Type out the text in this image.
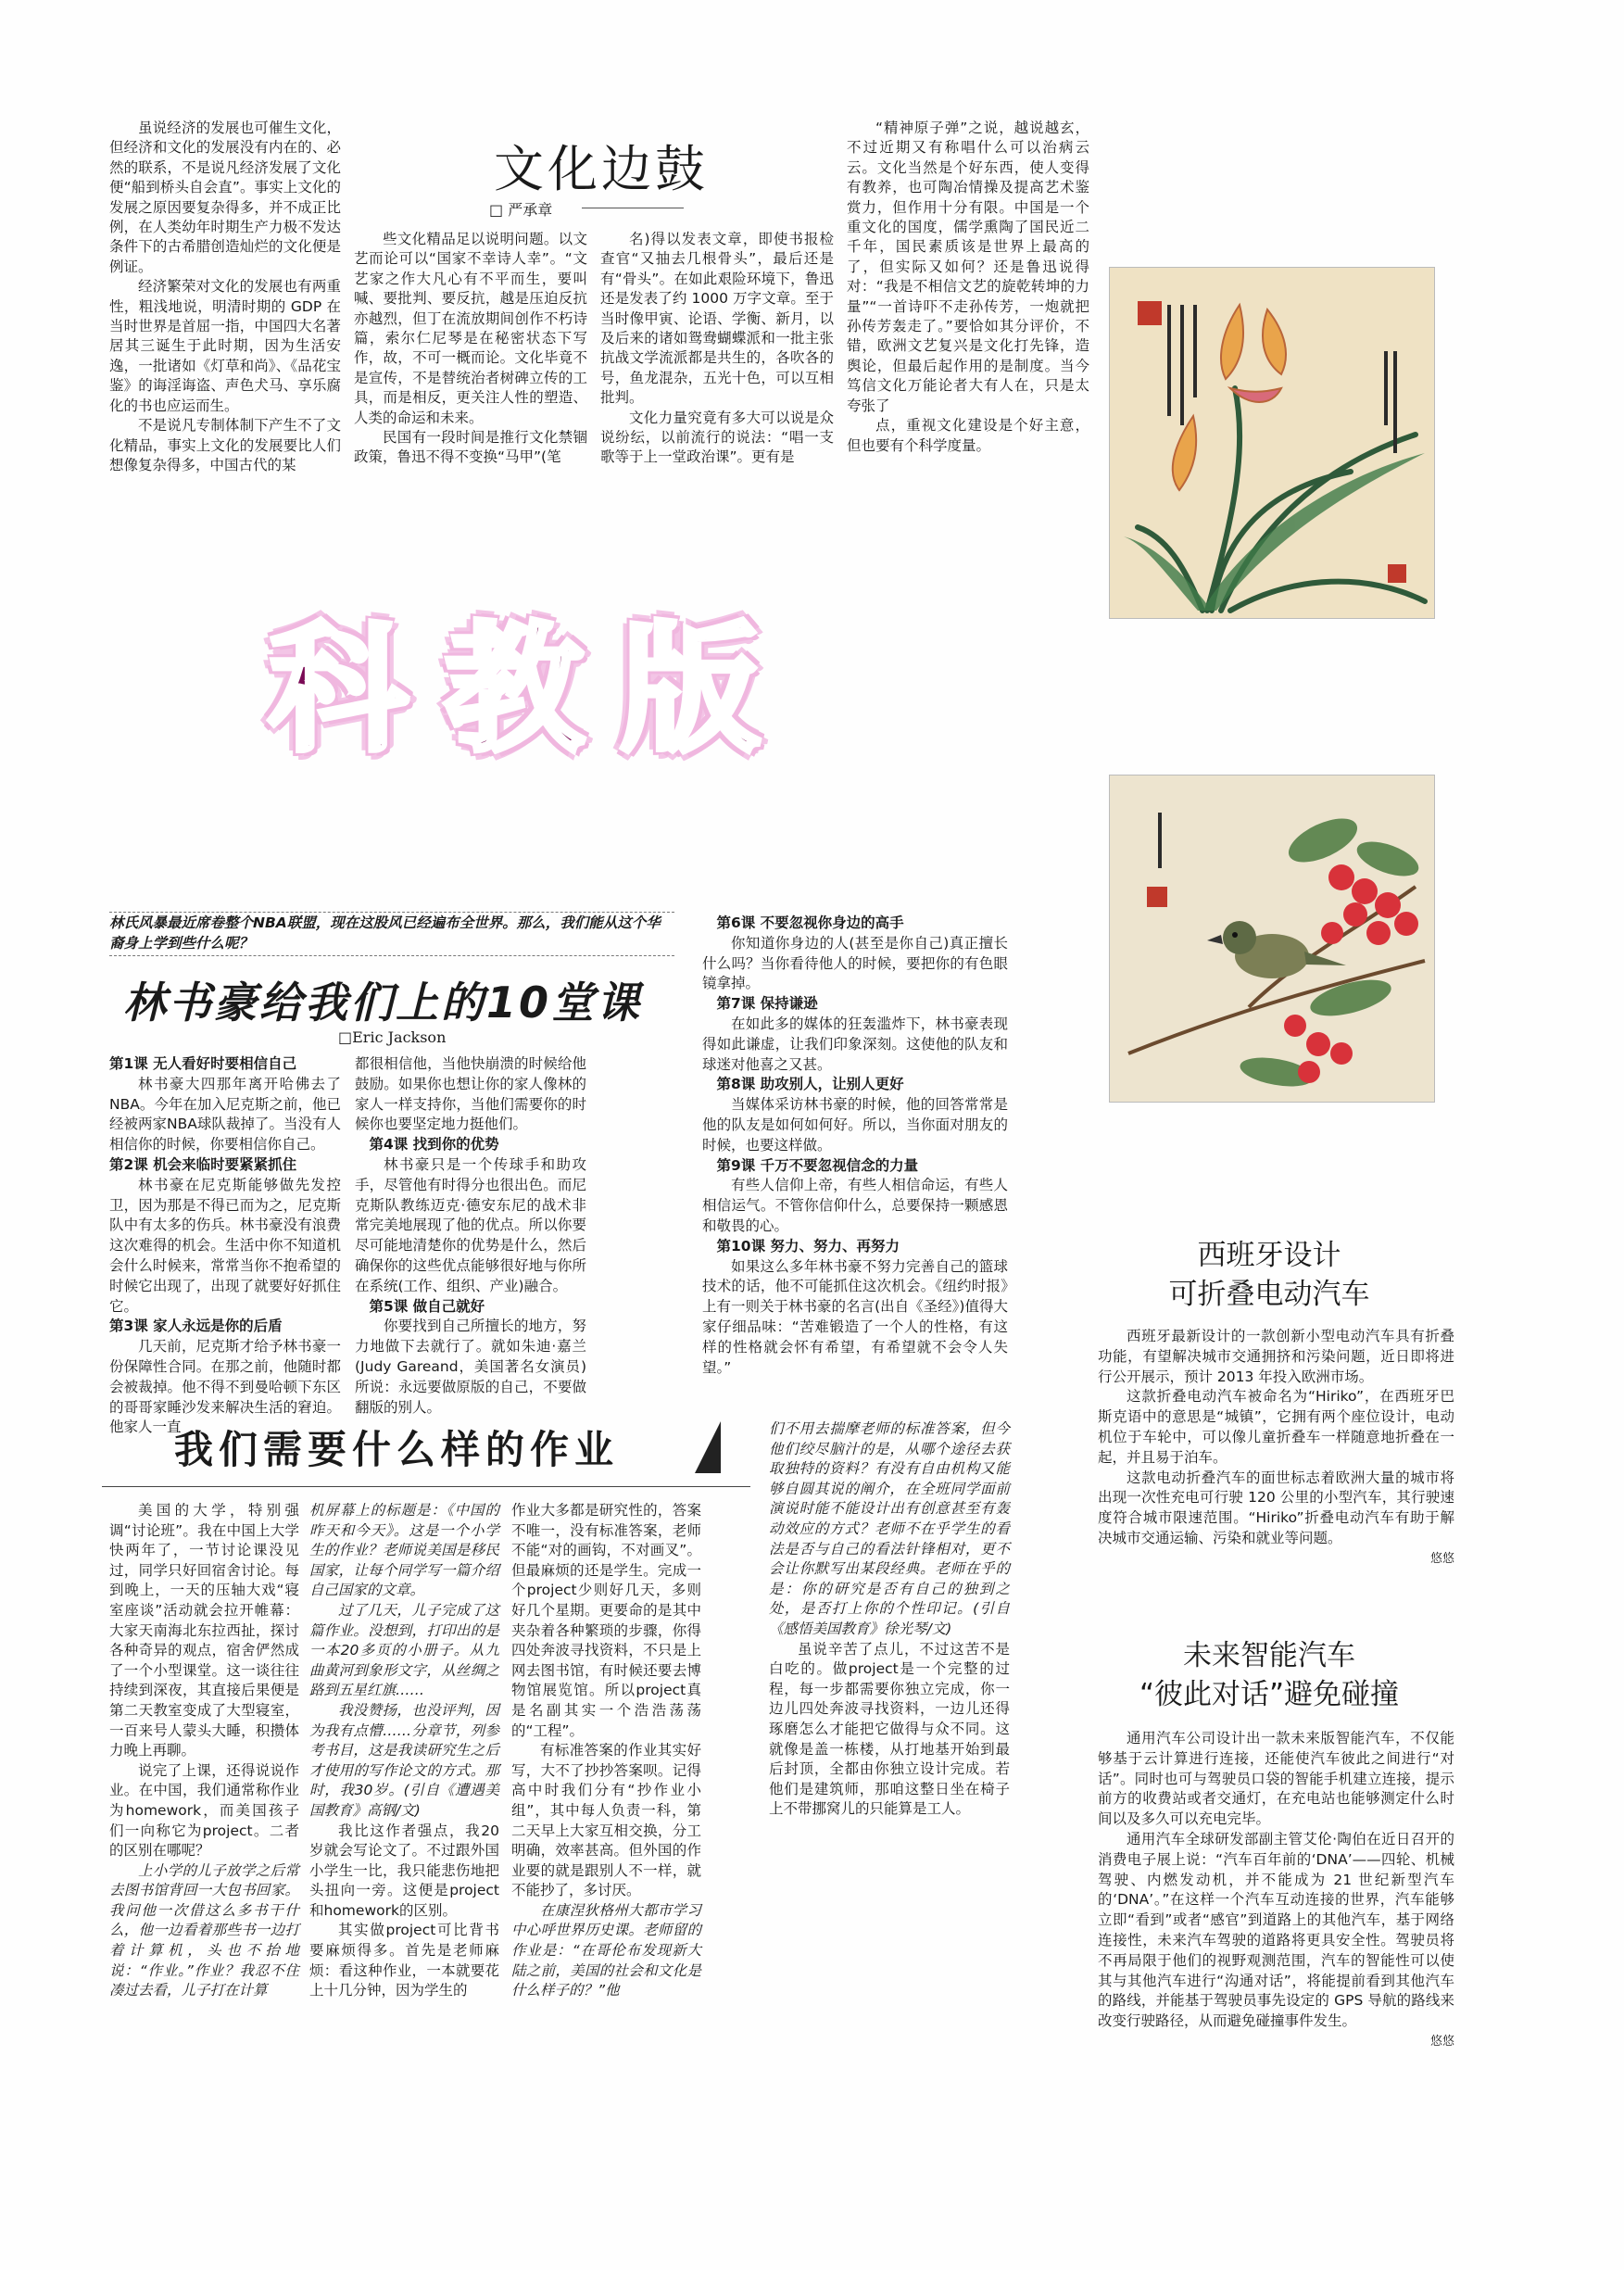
文化边鼓
□ 严承章

虽说经济的发展也可催生文化，但经济和文化的发展没有内在的、必然的联系，不是说凡经济发展了文化便“船到桥头自会直”。事实上文化的发展之原因要复杂得多，并不成正比例，在人类幼年时期生产力极不发达条件下的古希腊创造灿烂的文化便是例证。

经济繁荣对文化的发展也有两重性，粗浅地说，明清时期的 GDP 在当时世界是首屈一指，中国四大名著居其三诞生于此时期，因为生活安逸，一批诸如《灯草和尚》、《品花宝鉴》的诲淫诲盗、声色犬马、享乐腐化的书也应运而生。

不是说凡专制体制下产生不了文化精品，事实上文化的发展要比人们想像复杂得多，中国古代的某

些文化精品足以说明问题。以文艺而论可以“国家不幸诗人幸”。“文艺家之作大凡心有不平而生，要叫喊、要批判、要反抗，越是压迫反抗亦越烈，但丁在流放期间创作不朽诗篇，索尔仁尼琴是在秘密状态下写作，故，不可一概而论。文化毕竟不是宣传，不是替统治者树碑立传的工具，而是相反，更关注人性的塑造、人类的命运和未来。

民国有一段时间是推行文化禁锢政策，鲁迅不得不变换“马甲”(笔

名)得以发表文章，即使书报检查官“又抽去几根骨头”，最后还是有“骨头”。在如此艰险环境下，鲁迅还是发表了约 1000 万字文章。至于当时像甲寅、论语、学衡、新月，以及后来的诸如鸳鸯蝴蝶派和一批主张抗战文学流派都是共生的，各吹各的号，鱼龙混杂，五光十色，可以互相批判。

文化力量究竟有多大可以说是众说纷纭，以前流行的说法：“唱一支歌等于上一堂政治课”。更有是

“精神原子弹”之说，越说越玄，不过近期又有称唱什么可以治病云云。文化当然是个好东西，使人变得有教养，也可陶冶情操及提高艺术鉴赏力，但作用十分有限。中国是一个重文化的国度，儒学熏陶了国民近二千年，国民素质该是世界上最高的了，但实际又如何？还是鲁迅说得对：“我是不相信文艺的旋乾转坤的力量”“一首诗吓不走孙传芳，一炮就把孙传芳轰走了。”要恰如其分评价，不错，欧洲文艺复兴是文化打先锋，造舆论，但最后起作用的是制度。当今笃信文化万能论者大有人在，只是太夸张了

点，重视文化建设是个好主意，但也要有个科学度量。

科教版
林氏风暴最近席卷整个NBA联盟，现在这股风已经遍布全世界。那么，我们能从这个华裔身上学到些什么呢？
林书豪给我们上的10堂课
□Eric Jackson
第1课 无人看好时要相信自己

林书豪大四那年离开哈佛去了NBA。今年在加入尼克斯之前，他已经被两家NBA球队裁掉了。当没有人相信你的时候，你要相信你自己。

第2课 机会来临时要紧紧抓住

林书豪在尼克斯能够做先发控卫，因为那是不得已而为之，尼克斯队中有太多的伤兵。林书豪没有浪费这次难得的机会。生活中你不知道机会什么时候来，常常当你不抱希望的时候它出现了，出现了就要好好抓住它。

第3课 家人永远是你的后盾

几天前，尼克斯才给予林书豪一份保障性合同。在那之前，他随时都会被裁掉。他不得不到曼哈顿下东区的哥哥家睡沙发来解决生活的窘迫。他家人一直

都很相信他，当他快崩溃的时候给他鼓励。如果你也想让你的家人像林的家人一样支持你，当他们需要你的时候你也要坚定地力挺他们。

第4课 找到你的优势

林书豪只是一个传球手和助攻手，尽管他有时得分也很出色。而尼克斯队教练迈克·德安东尼的战术非常完美地展现了他的优点。所以你要尽可能地清楚你的优势是什么，然后确保你的这些优点能够很好地与你所在系统(工作、组织、产业)融合。

第5课 做自己就好

你要找到自己所擅长的地方，努力地做下去就行了。就如朱迪·嘉兰(Judy Gareand，美国著名女演员)所说：永远要做原版的自己，不要做翻版的别人。

第6课 不要忽视你身边的高手

你知道你身边的人(甚至是你自己)真正擅长什么吗？当你看待他人的时候，要把你的有色眼镜拿掉。

第7课 保持谦逊

在如此多的媒体的狂轰滥炸下，林书豪表现得如此谦虚，让我们印象深刻。这使他的队友和球迷对他喜之又甚。

第8课 助攻别人，让别人更好

当媒体采访林书豪的时候，他的回答常常是他的队友是如何如何好。所以，当你面对朋友的时候，也要这样做。

第9课 千万不要忽视信念的力量

有些人信仰上帝，有些人相信命运，有些人相信运气。不管你信仰什么，总要保持一颗感恩和敬畏的心。

第10课 努力、努力、再努力

如果这么多年林书豪不努力完善自己的篮球技术的话，他不可能抓住这次机会。《纽约时报》上有一则关于林书豪的名言(出自《圣经》)值得大家仔细品味：“苦难锻造了一个人的性格，有这样的性格就会怀有希望，有希望就不会令人失望。”

我们需要什么样的作业

美国的大学，特别强调“讨论班”。我在中国上大学快两年了，一节讨论课没见过，同学只好回宿舍讨论。每到晚上，一天的压轴大戏“寝室座谈”活动就会拉开帷幕：大家天南海北东拉西扯，探讨各种奇异的观点，宿舍俨然成了一个小型课堂。这一谈往往持续到深夜，其直接后果便是第二天教室变成了大型寝室，一百来号人蒙头大睡，积攒体力晚上再聊。

说完了上课，还得说说作业。在中国，我们通常称作业为homework，而美国孩子们一向称它为project。二者的区别在哪呢？

上小学的儿子放学之后常去图书馆背回一大包书回家。我问他一次借这么多书干什么，他一边看着那些书一边打着计算机，头也不抬地说：“作业。”作业？我忍不住凑过去看，儿子打在计算

机屏幕上的标题是：《中国的昨天和今天》。这是一个小学生的作业？老师说美国是移民国家，让每个同学写一篇介绍自己国家的文章。

过了几天，儿子完成了这篇作业。没想到，打印出的是一本20多页的小册子。从九曲黄河到象形文字，从丝绸之路到五星红旗……

我没赞扬，也没评判，因为我有点懵……分章节，列参考书目，这是我读研究生之后才使用的写作论文的方式。那时，我30岁。(引自《遭遇美国教育》高钢/文)

我比这作者强点，我20岁就会写论文了。不过跟外国小学生一比，我只能悲伤地把头扭向一旁。这便是project和homework的区别。

其实做project可比背书要麻烦得多。首先是老师麻烦：看这种作业，一本就要花上十几分钟，因为学生的

作业大多都是研究性的，答案不唯一，没有标准答案，老师不能“对的画钩，不对画叉”。但最麻烦的还是学生。完成一个project少则好几天，多则好几个星期。更要命的是其中夹杂着各种繁琐的步骤，你得四处奔波寻找资料，不只是上网去图书馆，有时候还要去博物馆展览馆。所以project真是名副其实一个浩浩荡荡的“工程”。

有标准答案的作业其实好写，大不了抄抄答案呗。记得高中时我们分有“抄作业小组”，其中每人负责一科，第二天早上大家互相交换，分工明确，效率甚高。但外国的作业要的就是跟别人不一样，就不能抄了，多讨厌。

在康涅狄格州大都市学习中心呼世界历史课。老师留的作业是：“在哥伦布发现新大陆之前，美国的社会和文化是什么样子的？”他

们不用去揣摩老师的标准答案，但今他们绞尽脑汁的是，从哪个途径去获取独特的资料？有没有自由机构又能够自圆其说的阐介，在全班同学面前演说时能不能设计出有创意甚至有轰动效应的方式？老师不在乎学生的看法是否与自己的看法针锋相对，更不会让你默写出某段经典。老师在乎的是：你的研究是否有自己的独到之处，是否打上你的个性印记。(引自《感悟美国教育》徐光琴/文)

虽说辛苦了点儿，不过这苦不是白吃的。做project是一个完整的过程，每一步都需要你独立完成，你一边儿四处奔波寻找资料，一边儿还得琢磨怎么才能把它做得与众不同。这就像是盖一栋楼，从打地基开始到最后封顶，全都由你独立设计完成。若他们是建筑师，那咱这整日坐在椅子上不带挪窝儿的只能算是工人。

西班牙设计
可折叠电动汽车

西班牙最新设计的一款创新小型电动汽车具有折叠功能，有望解决城市交通拥挤和污染问题，近日即将进行公开展示，预计 2013 年投入欧洲市场。

这款折叠电动汽车被命名为“Hiriko”，在西班牙巴斯克语中的意思是“城镇”，它拥有两个座位设计，电动机位于车轮中，可以像儿童折叠车一样随意地折叠在一起，并且易于泊车。

这款电动折叠汽车的面世标志着欧洲大量的城市将出现一次性充电可行驶 120 公里的小型汽车，其行驶速度符合城市限速范围。“Hiriko”折叠电动汽车有助于解决城市交通运输、污染和就业等问题。

悠悠
未来智能汽车
“彼此对话”避免碰撞

通用汽车公司设计出一款未来版智能汽车，不仅能够基于云计算进行连接，还能使汽车彼此之间进行“对话”。同时也可与驾驶员口袋的智能手机建立连接，提示前方的收费站或者交通灯，在充电站也能够测定什么时间以及多久可以充电完毕。

通用汽车全球研发部副主管艾伦·陶伯在近日召开的消费电子展上说：“汽车百年前的‘DNA’——四轮、机械驾驶、内燃发动机，并不能成为 21 世纪新型汽车的‘DNA’。”在这样一个汽车互动连接的世界，汽车能够立即“看到”或者“感官”到道路上的其他汽车，基于网络连接性，未来汽车驾驶的道路将更具安全性。驾驶员将不再局限于他们的视野观测范围，汽车的智能性可以使其与其他汽车进行“沟通对话”，将能提前看到其他汽车的路线，并能基于驾驶员事先设定的 GPS 导航的路线来改变行驶路径，从而避免碰撞事件发生。

悠悠
